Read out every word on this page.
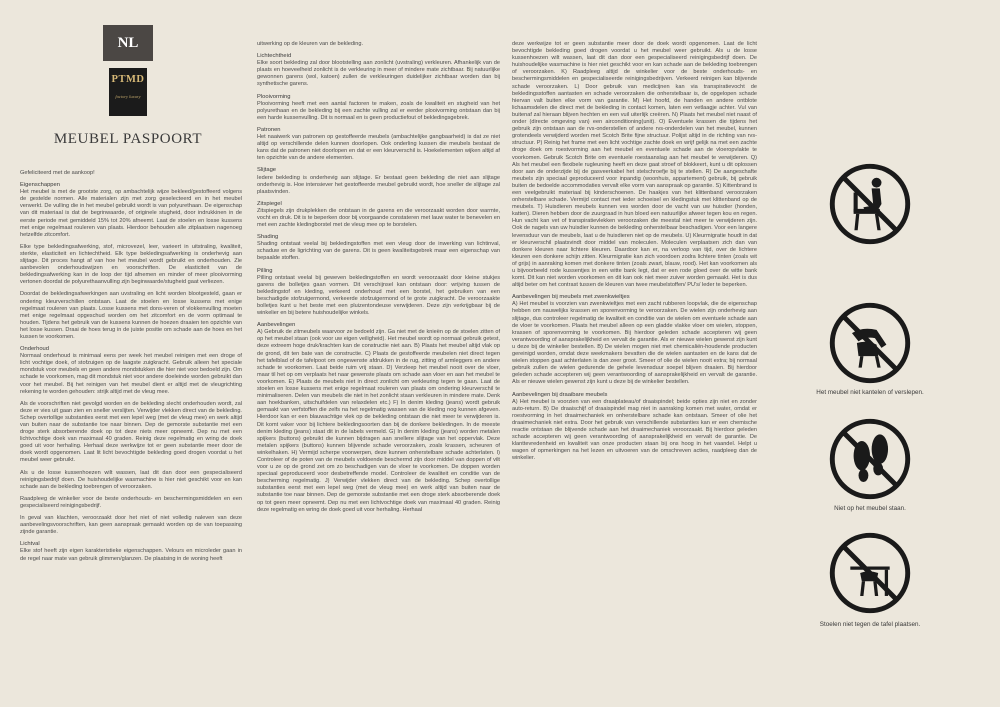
NL
PTMD
factory luxury
MEUBEL PASPOORT

Gefeliciteerd met de aankoop!

Eigenschappen
Het meubel is met de grootste zorg, op ambachtelijk wijze bekleed/gestoffeerd volgens de gestelde normen. Alle materialen zijn met zorg geselecteerd en in het meubel verwerkt. De vulling die in het meubel gebruikt wordt is van polyurethaan. De eigenschap van dit materiaal is dat de begrinwaarde, of originele stugheid, door indrukkinen in de eerste periode met gemiddeld 15% tot 20% afneemt. Laat de stoelen en losse kussens met enige regelmaat rouleren van plaats. Hierdoor behouden alle zitplaatsen nagenoeg hetzelfde zitcomfort.

Elke type bekledingsafwerking, stof, microvezel, leer, varieert in uitstraling, kwaliteit, sterkte, elasticiteit en lichtechtheid. Elk type bekledingsafwerking is onderhevig aan slijtage. Dit proces hangt af van hoe het meubel wordt gebruikt en onderhouden. Zie aanbevolen onderhoudswijzen en voorschriften. De elasticiteit van de bekledingsafwerking kan in de loop der tijd afnemen en minder of meer plooivorming vertonen doordat de polyurethaanvulling zijn beginwaarde/stugheid gaat verliezen.

Doordat de bekledingsafwerkingen aan uvstraling en licht worden blootgesteld, gaan er ondering kleurverschillen ontstaan. Laat de stoelen en losse kussens met enige regelmaat rouleren van plaats. Losse kussens met dons-veren of vlokkenvulling moeten met enige regelmaat opgeschud worden om het zitcomfort en de vorm optimaal te houden. Tijdens het gebruik van de kussens kunnen de hoezen draaien ten opzichte van het losse kussen. Draai de hoes terug in de juiste positie om schade aan de hoes en het kussen te voorkomen.

Onderhoud
Normaal onderhoud is minimaal eens per week het meubel reinigen met een droge of licht vochtige doek, of stofzuigen op de laagste zuigkracht. Gebruik alleen het speciale mondstuk voor meubels en geen andere mondstukken die hier niet voor bedoeld zijn. Om schade te voorkomen, mag dit mondstuk niet voor andere doeleinde worden gebruikt dan voor het meubel. Bij het reinigen van het meubel dient er altijd met de vleugrichting rekening te worden gehouden: strijk altijd met de vleug mee.

Als de voorschriften niet gevolgd worden en de bekleding slecht onderhouden wordt, zal deze er vies uit gaan zien en sneller verslijten. Verwijder vlekken direct van de bekleding. Schep overtollige substanties eerst met een lepel weg (met de vleug mee) en werk altijd van buiten naar de substantie toe naar binnen. Dep de gemorste substantie met een droge sterk absorberende doek op tot deze niets meer opneemt. Dep nu met een lichtvochtige doek van maximaal 40 graden. Reinig deze regelmatig en wring de doek goed uit voor herhaling. Herhaal deze werkwijze tot er geen substantie meer door de doek wordt opgenomen. Laat lit licht bevochtigde bekleding goed drogen voordat u het meubel weer gebruikt.

Als u de losse kussenhoezen wilt wassen, laat dit dan door een gespecialiseerd reinigingsbedrijf doen. De huishoudelijke wasmachine is hier niet geschikt voor en kan schade aan de bekleding toebrengen of veroorzaken.

Raadpleeg de winkelier voor de beste onderhouds- en beschermingsmiddelen en een gespecialiseerd reinigingsbedrijf.

In geval van klachten, veroorzaakt door het niet of niet volledig naleven van deze aanbevelingsvoorschriften, kan geen aanspraak gemaakt worden op de van toepassing zijnde garantie.

Lichtval
Elke stof heeft zijn eigen karakteristieke eigenschappen. Velours en microleder gaan in de regel naar mate van gebruik glimmen/glanzen. De plaatsing in de woning heeft

uitwerking op de kleuren van de bekleding.

Lichtechtheid
Elke soort bekleding zal door blootstelling aan zonlicht (uvstraling) verkleuren. Afhankelijk van de plaats en hoeveelheid zonlicht is de verkleuring in meer of mindere mate zichtbaar. Bij natuurlijke gewonnen garens (wol, katoen) zullen de verkleuringen duidelijker zichtbaar worden dan bij synthetische garens.

Plooivorming
Plooivorming heeft met een aantal factoren te maken, zoals de kwaliteit en stugheid van het polyurethaan en de bekleding bij een zachte vulling zal er eerder plooivorming ontstaan dan bij een harde kussenvulling. Dit is normaal en is geen productiefout of bekledingsgebrek.

Patronen
Het naaiwerk van patronen op gestoffeerde meubels (ambachtelijke gangbaarheid) is dat ze niet altijd op verschillende delen kunnen doorlopen. Ook onderling kussen die meubels bestaat de kans dat de patronen niet doorlopen en dat er een kleurverschil is. Hoekelementen wijken altijd af ten opzichte van de andere elementen.

Slijtage
Iedere bekleding is onderhevig aan slijtage. Er bestaat geen bekleding die niet aan slijtage onderhevig is. Hoe intensiever het gestoffeerde meubel gebruikt wordt, hoe sneller de slijtage zal plaatsvinden.

Zitspiegel
Zitspiegels zijn drukplekken die ontstaan in de garens en die veroorzaakt worden door warmte, vocht en druk. Dit is te beperken door bij voorgaande constateren met lauw water te benevelen en met een zachte kledingborstel met de vleug mee op te borstelen.

Shading
Shading ontstaat veelal bij bekledingstoffen met een vleug door de inwerking van lichtinval, schaduw en de ligrichting van de garens. Dit is geen kwaliteitsgebrek maar een eigenschap van bepaalde stoffen.

Pilling
Pilling ontstaat veelal bij geweven bekledingstoffen en wordt veroorzaakt door kleine stukjes garens die bolletjes gaan vormen. Dit verschijnsel kan ontstaan door: wrijving tussen de bekledingstof en kleding, verkeerd onderhoud met een borstel, het gebruiken van een beschadigde stofzuigermond, verkeerde stofzuigermond of te grote zuigkracht. De veroorzaakte bolletjes kunt u het beste met een pluizentondeuse verwijderen. Deze zijn verkrijgbaar bij de winkelier en bij betere huishoudelijke winkels.

Aanbevelingen
A) Gebruik de zitmeubels waarvoor ze bedoeld zijn. Ga niet met de knieën op de stoelen zitten of op het meubel staan (ook voor uw eigen veiligheid). Het meubel wordt op normaal gebruik getest, deze extreem hoge druk/krachten kan de constructie niet aan. B) Plaats het meubel altijd vlak op de grond, dit ten bate van de constructie. C) Plaats de gestoffeerde meubelen niet direct tegen het tafelblad of de tafelpoot om ongewenste afdrukken in de rug, zitting of armleggers en andere schade te voorkomen. Laat beide ruim vrij staan. D) Verzleep het meubel nooit over de vloer, maar til het op om verplaats het naar gewenste plaats om schade aan vloer en aan het meubel te voorkomen. E) Plaats de meubels niet in direct zonlicht om verkleuring tegen te gaan. Laat de stoelen en losse kussens met enige regelmaat rouleren van plaats om ondering kleurverschil te minimaliseren. Delen van meubels die niet in het zonlicht staan verkleuren in mindere mate. Denk aan hoekbanken, uitschuifdelen van relaxdelen etc.) F) In denim kleding (jeans) wordt gebruik gemaakt van verfstoffen die zelfs na het regelmatig wassen van de kleding nog kunnen afgeven. Hierdoor kan er een blauwachtige vlek op de bekleding ontstaan die niet meer te verwijderen is. Dit komt vaker voor bij lichtere bekledingsoorten dan bij de donkere bekledingen. In de meeste denim kleding (jeans) staat dit in de labels vermeld. G) In denim kleding (jeans) worden metalen spijkers (buttons) gebruikt die kunnen bijdragen aan snellere slijtage van het oppervlak. Deze metalen spijkers (buttons) kunnen blijvende schade veroorzaken, zoals krassen, scheuren of winkelhaken. H) Vermijd scherpe voorwerpen, deze kunnen onherstelbare schade achterlaten. I) Controleer of de poten van de meubels voldoende beschermd zijn door middel van doppen of vilt voor u ze op de grond zet om zo beschadigen van de vloer te voorkomen. De doppen worden speciaal geproduceerd voor desbetreffende model. Controleer de kwaliteit en conditie van de bescherming regelmatig. J) Verwijder vlekken direct van de bekleding. Schep overtollige substanties eerst met een lepel weg (met de vleug mee) en werk altijd van buiten naar de substantie toe naar binnen. Dep de gemorste substantie met een droge sterk absorberende doek op tot geen meer opneemt. Dep nu met een lichtvochtige doek van maximaal 40 graden. Reinig deze regelmatig en wring de doek goed uit voor herhaling. Herhaal

deze werkwijze tot er geen substantie meer door de doek wordt opgenomen. Laat de licht bevochtigde bekleding goed drogen voordat u het meubel weer gebruikt. Als u de losse kussenhoezen wilt wassen, laat dit dan door een gespecialiseerd reinigingsbedrijf doen. De huishoudelijke wasmachine is hier niet geschikt voor en kan schade aan de bekleding toebrengen of veroorzaken. K) Raadpleeg altijd de winkelier voor de beste onderhouds- en beschermingsmiddelen en gespecialiseerde reinigingsbedrijven. Verkeerd reinigen kan blijvende schade veroorzaken. L) Door gebruik van medicijnen kan via transpiratievocht de bekledingsstoffen aantasten en schade veroorzaken die onherstelbaar is, de opgelopen schade hiervan valt buiten elke vorm van garantie. M) Het hoofd, de handen en andere ontblote lichaamsdelen die direct met de bekleding in contact komen, laten een vetlaagje achter. Vul van buitenaf zal hieraan blijven hechten en een vuil uiterlijk creëren. N) Plaats het meubel niet naast of onder (directe omgeving van) een airconditioning(unit). O) Eventuele krassen die tijdens het gebruik zijn ontstaan aan de rvs-onderstellen of andere rvs-onderdelen van het meubel, kunnen grotendeels verwijderd worden met Scotch Brite fijne structuur. Polijst altijd in de richting van rvs-structuur. P) Reinig het frame met een licht vochtige zachte doek en wrijf gelijk na met een zachte droge doek om roestvorming aan het meubel en eventuele schade aan de vloeropvlakte te voorkomen. Gebruik Scotch Brite om eventuele roestaanslag aan het meubel te verwijderen. Q) Als het meubel een flexibele rugleuning heeft en deze gaat stroef of blokkeert, kunt u dit oplossen door aan de onderzijde bij de gasveerkabel het stelschroefje bij te stellen. R) De aangeschafte meubels zijn speciaal geproduceerd voor inpandig (woonhuis, appartement) gebruik, bij gebruik buiten de bedoelde accommodaties vervalt elke vorm van aanspraak op garantie. S) Kittenbrand is een veelgebruikt materiaal bij kinderschoenen. De haakjes van het klittenband veroorzaken onherstelbare schade. Vermijd contact met ieder schoeisel en kledingstuk met klittenband op de meubels. T) Huisdieren meubels kunnen ves worden door de vacht van uw huisdier (honden, katten). Dieren hebben door de zuurgraad in hun bloed een natuurlijke afweer tegen kou en regen. Hun vacht kan vet of transpiratievlekken veroorzaken die meestal niet meer te verwijderen zijn. Ook de nagels van uw huisdier kunnen de bekleding onherstelbaar beschadigen. Voor een langere levensduur van de meubels, laat u de huisdieren niet op de meubels. U) Kleurmigratie houdt in dat er kleurverschil plaatsvindt door middel van moleculen. Moleculen verplaatsen zich dan van donkere kleuren naar lichtere kleuren. Daardoor kan er, na verloop van tijd, over de lichtere kleuren een donkere schijn zitten. Kleurmigratie kan zich voordoen zodra lichtere tinten (zoals wit of grijs) in aanraking komen met donkere tinten (zoals zwart, blauw, rood). Het kan voorkomen als u bijvoorbeeld rode kussentjes in een witte bank legt, dat er een rode gloed over de witte bank komt. Dit kan niet worden voorkomen en dit kan ook niet meer zuiver worden gemaakt. Het is dus altijd beter om het contrast tussen de kleuren van twee meubelstoffen/ PU's/ leder te beperken.

Aanbevelingen bij meubels met zwenkwieltjes
A) Het meubel is voorzien van zwenkwieltjes met een zacht rubberen loopvlak, die de eigenschap hebben om nauwelijks krassen en sporenvorming te veroorzaken. De wielen zijn onderhevig aan slijtage, dus controleer regelmatig de kwaliteit en conditie van de wielen om eventuele schade aan de vloer te voorkomen. Plaats het meubel alleen op een gladde vlakke vloer om wielen, stoppen, krassen of sporenvorming te voorkomen. Bij hierdoor geleden schade accepteren wij geen verantwoording of aansprakelijkheid en vervalt de garantie. Als er nieuwe wielen gewenst zijn kunt u deze bij de winkelier bestellen. B) De wielen mogen niet met chemicaliën-houdende producten gereinigd worden, omdat deze weekmakers bevatten die de wielen aantasten en de kans dat de wielen stoppen gaat achterlaten is dan zeer groot. Smeer of olie de wielen nooit extra; bij normaal gebruik zullen de wielen gedurende de gehele levensduur soepel blijven draaien. Bij hierdoor geleden schade accepteren wij geen verantwoording of aansprakelijkheid en vervalt de garantie. Als er nieuwe wielen gewenst zijn kunt u deze bij de winkelier bestellen.

Aanbevelingen bij draaibare meubels
A) Het meubel is voorzien van een draaiplateau/of draaispindel; beide opties zijn niet en zonder auto-return. B) De draaischijf of draaispindel mag niet in aanraking komen met water, omdat er roestvorming in het draaimechaniek en onherstelbare schade kan ontstaan. Smeer of olie het draaimechaniek niet extra. Door het gebruik van verschillende substanties kan er een chemische reactie ontstaan die blijvende schade aan het draaimechaniek veroorzaakt. Bij hierdoor geleden schade accepteren wij geen verantwoording of aansprakelijkheid en vervalt de garantie. De klanttevredenheid en kwaliteit van onze producten staan bij ons hoog in het vaandel. Helpt u wagen of opmerkingen na het lezen en uitvoeren van de omschreven acties, raadpleeg dan de winkelier.

Het meubel niet kantelen of verslepen.
Niet op het meubel staan.
Stoelen niet tegen de tafel plaatsen.
